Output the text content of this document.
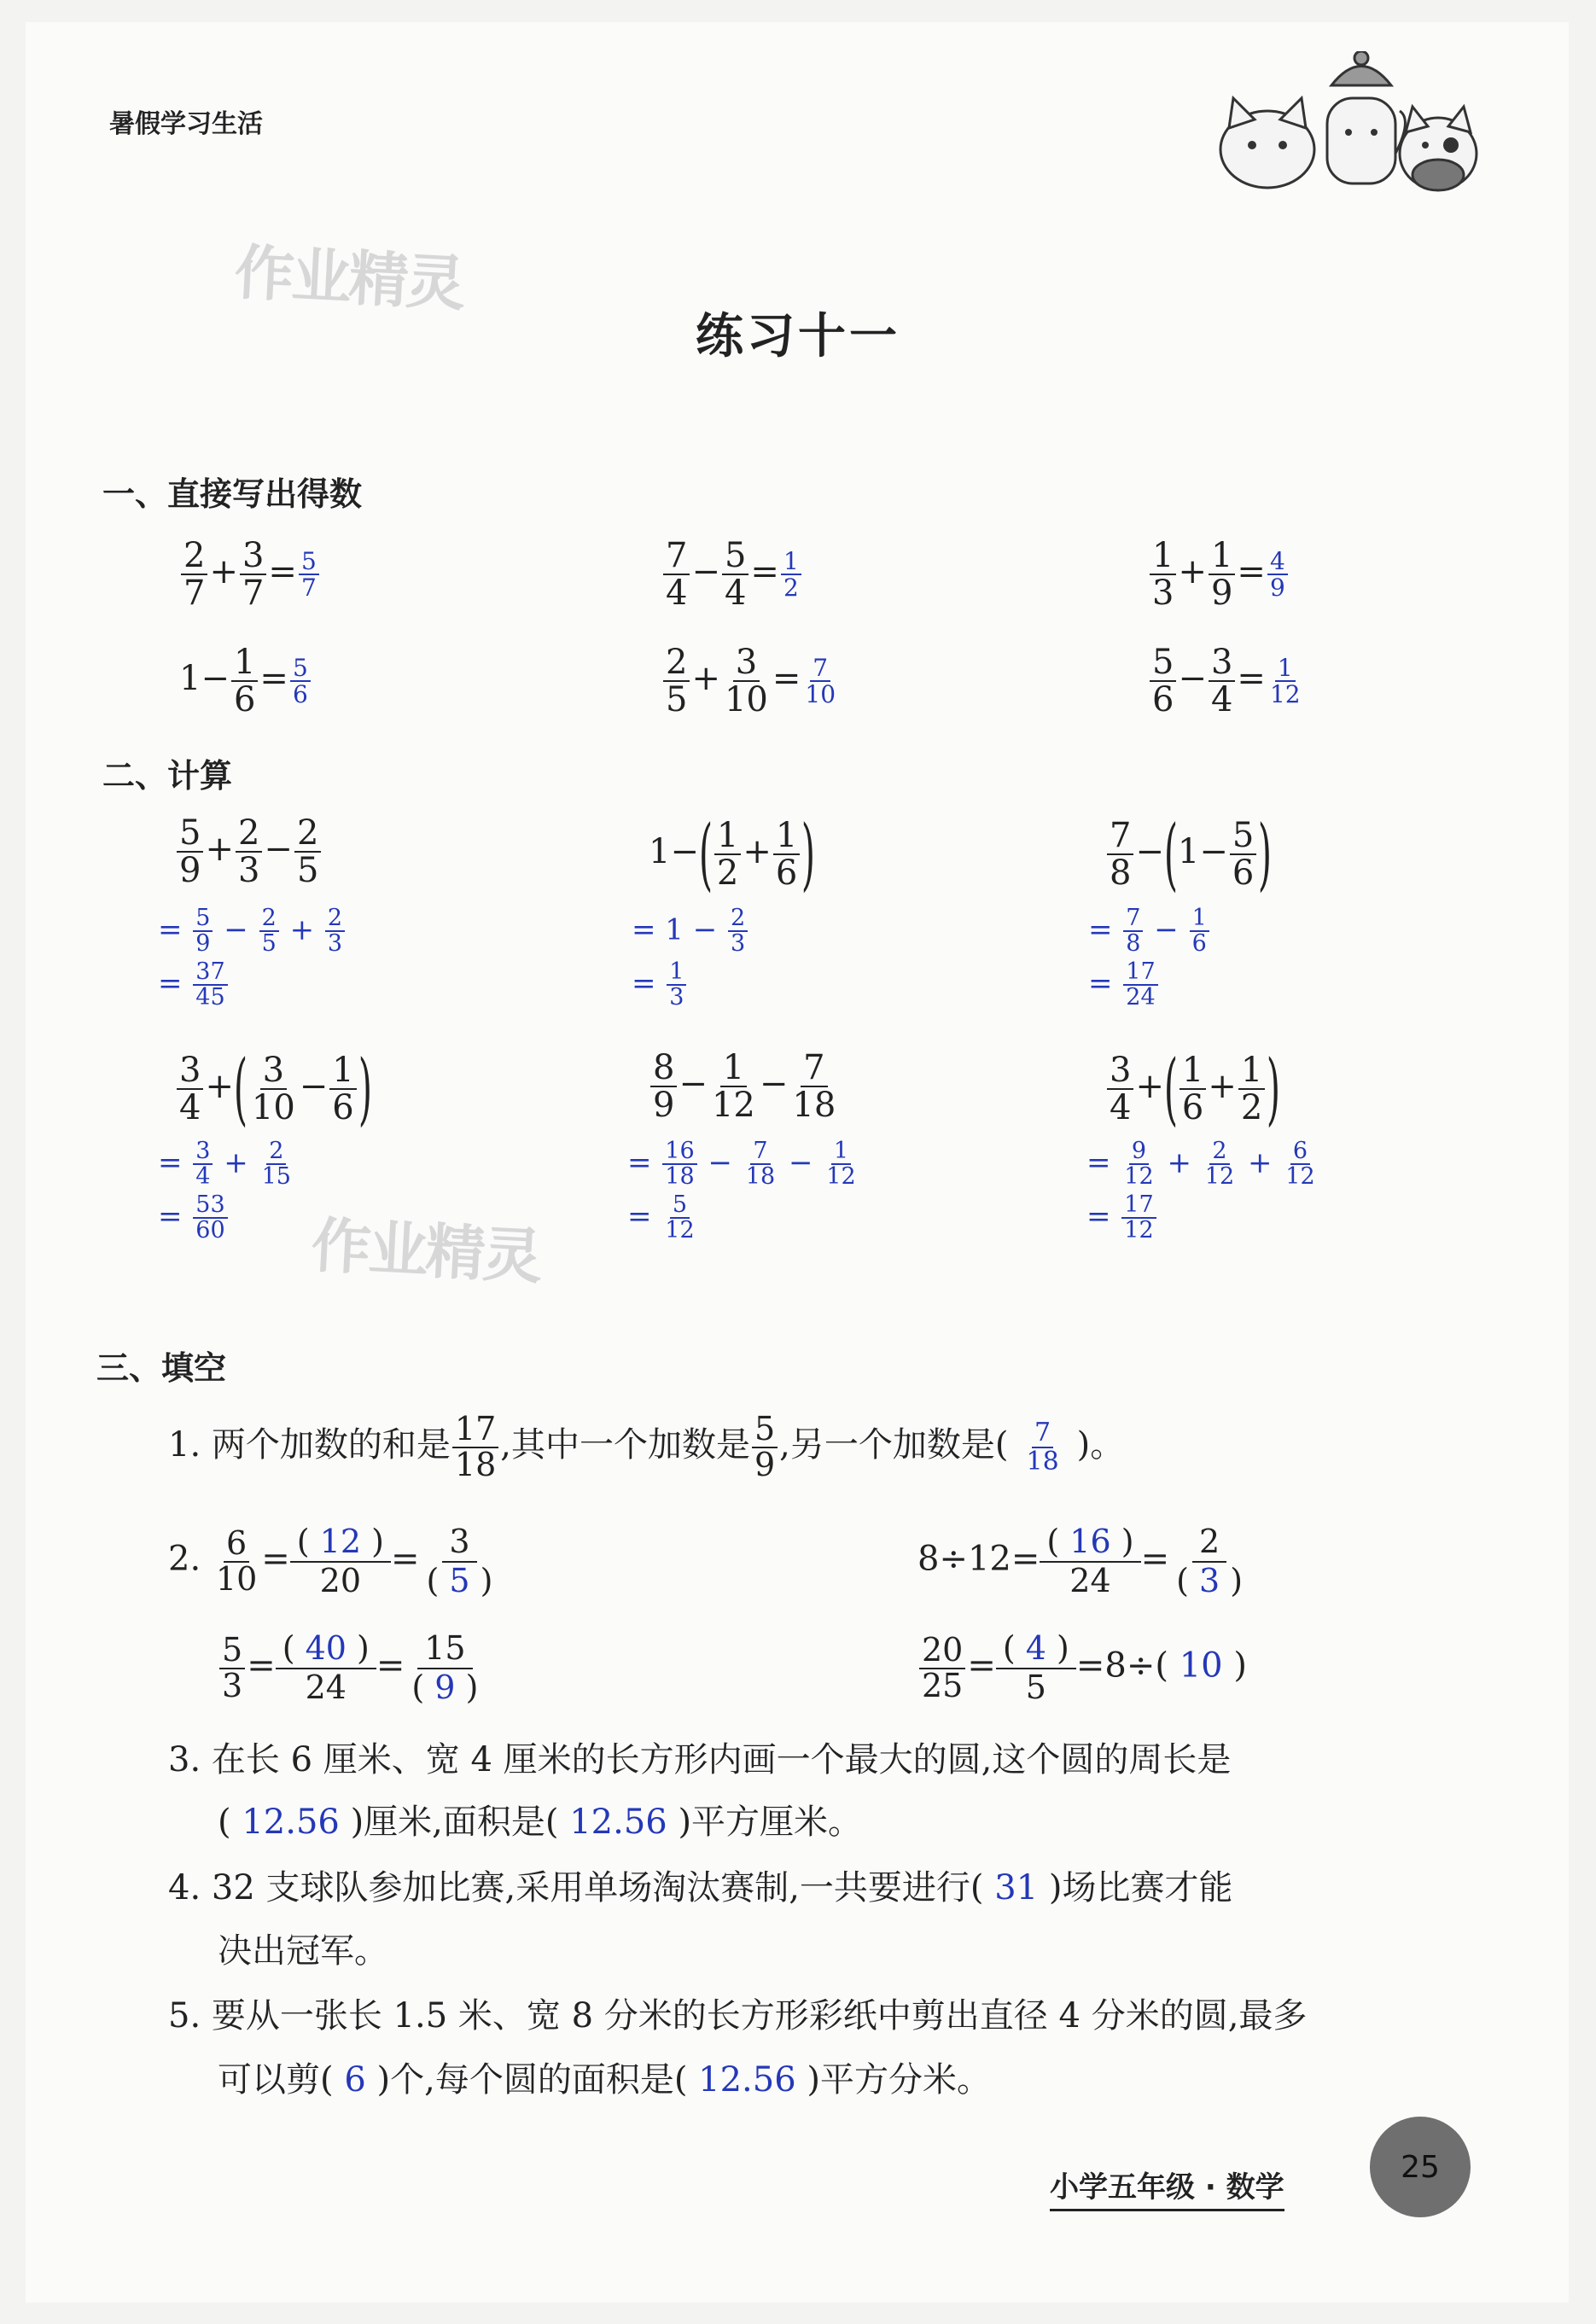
暑假学习生活
作业精灵
作业精灵
练习十一
一、直接写出得数
$\frac{2}{7} + \frac{3}{7} = \frac{5}{7}$	$\frac{7}{4} - \frac{5}{4} = \frac{1}{2}$	$\frac{1}{3} + \frac{1}{9} = \frac{4}{9}$
$1- \frac{1}{6} = \frac{5}{6}$	$\frac{2}{5} + \frac{3}{10} = \frac{7}{10}$	$\frac{5}{6} - \frac{3}{4} = \frac{1}{12}$
二、计算
$\frac{5}{9} + \frac{2}{3} - \frac{2}{5}$	$1-( \frac{1}{2} + \frac{1}{6}$ )	$\frac{7}{8} -(1- \frac{5}{6}$ )
= $\frac{5}{9} - \frac{2}{5} + \frac{2}{3}$
= $\frac{37}{45}$
= $1 - \frac{2}{3}$
= $\frac{1}{3}$
= $\frac{7}{8} - \frac{1}{6}$
= $\frac{17}{24}$
$\frac{3}{4}$ +( $\frac{3}{10} - \frac{1}{6}$ )	$\frac{8}{9} - \frac{1}{12} - \frac{7}{18}$	$\frac{3}{4}$ +( $\frac{1}{6} + \frac{1}{2}$ )
= $\frac{3}{4} + \frac{2}{15}$
= $\frac{53}{60}$
= $\frac{16}{18} - \frac{7}{18} - \frac{1}{12}$
= $\frac{5}{12}$
= $\frac{9}{12} + \frac{2}{12} + \frac{6}{12}$
= $\frac{17}{12}$
三、填空
1. 两个加数的和是 $\frac{17}{18}$ ,其中一个加数是 $\frac{5}{9}$ ,另一个加数是( $\frac{7}{18}$ )。
2. $\frac{6}{10} = \frac{( 12 )}{20} = \frac{3}{( 5 )}$	$8\div 12= \frac{( 16 )}{24} = \frac{2}{( 3 )}$
$\frac{5}{3} = \frac{( 40 )}{24} = \frac{15}{( 9 )}$	$\frac{20}{25} = \frac{( 4 )}{5} =8\div$( 10 )
3. 在长 6 厘米、宽 4 厘米的长方形内画一个最大的圆,这个圆的周长是
( 12.56 )厘米,面积是( 12.56 )平方厘米。
4. 32 支球队参加比赛,采用单场淘汰赛制,一共要进行( 31 )场比赛才能
决出冠军。
5. 要从一张长 1.5 米、宽 8 分米的长方形彩纸中剪出直径 4 分米的圆,最多
可以剪( 6 )个,每个圆的面积是( 12.56 )平方分米。
小学五年级 · 数学
25
